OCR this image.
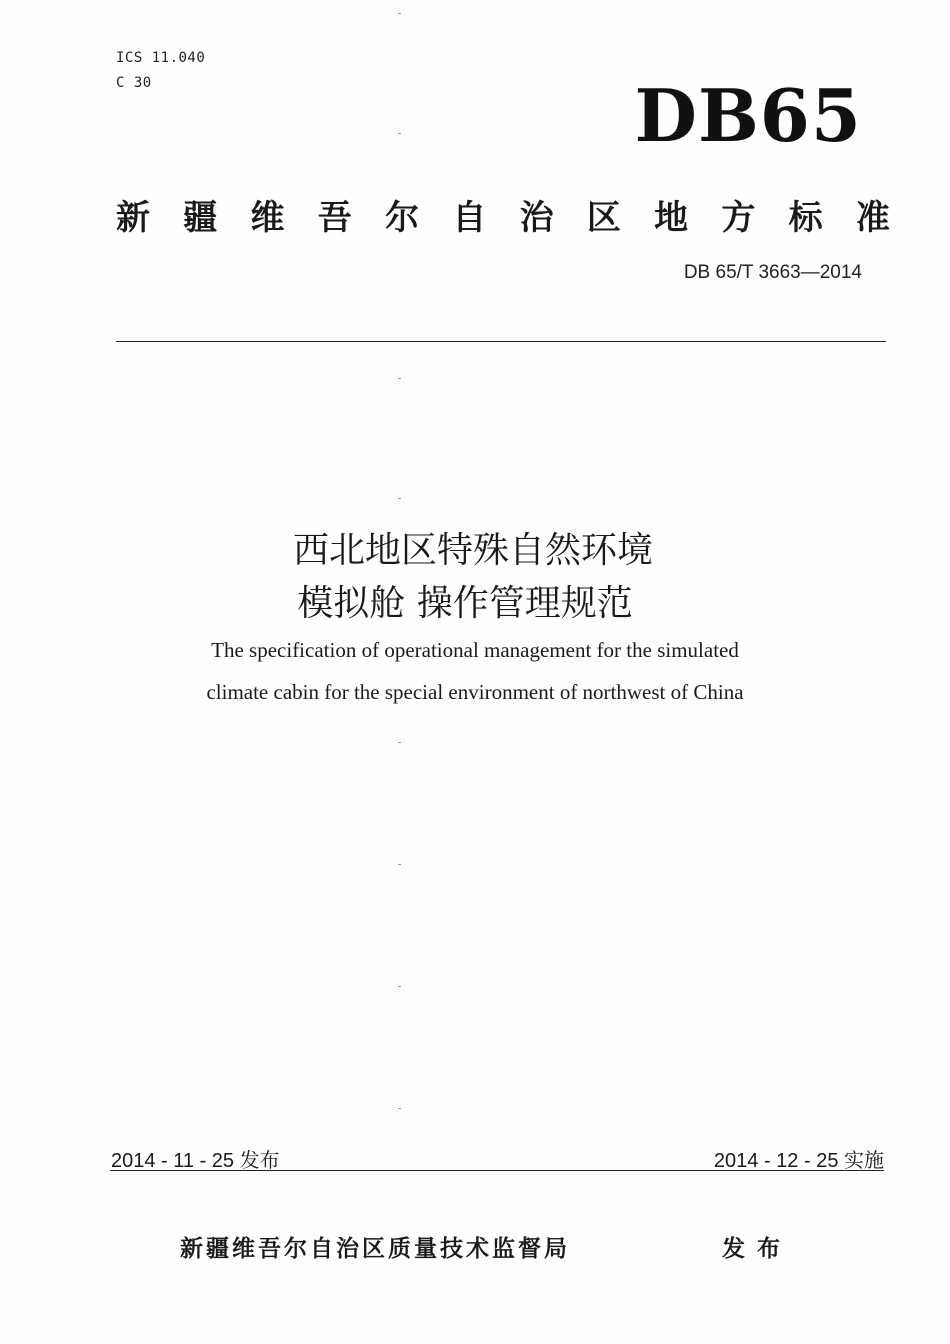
ICS 11.040
C 30	DB65
新 疆 维 吾 尔 自 治 区 地 方 标 准
DB 65/T 3663—2014
西北地区特殊自然环境
模拟舱 操作管理规范
The specification of operational management for the simulated
climate cabin for the special environment of northwest of China
2014 - 11 - 25 发布	2014 - 12 - 25 实施
新疆维吾尔自治区质量技术监督局	发布
